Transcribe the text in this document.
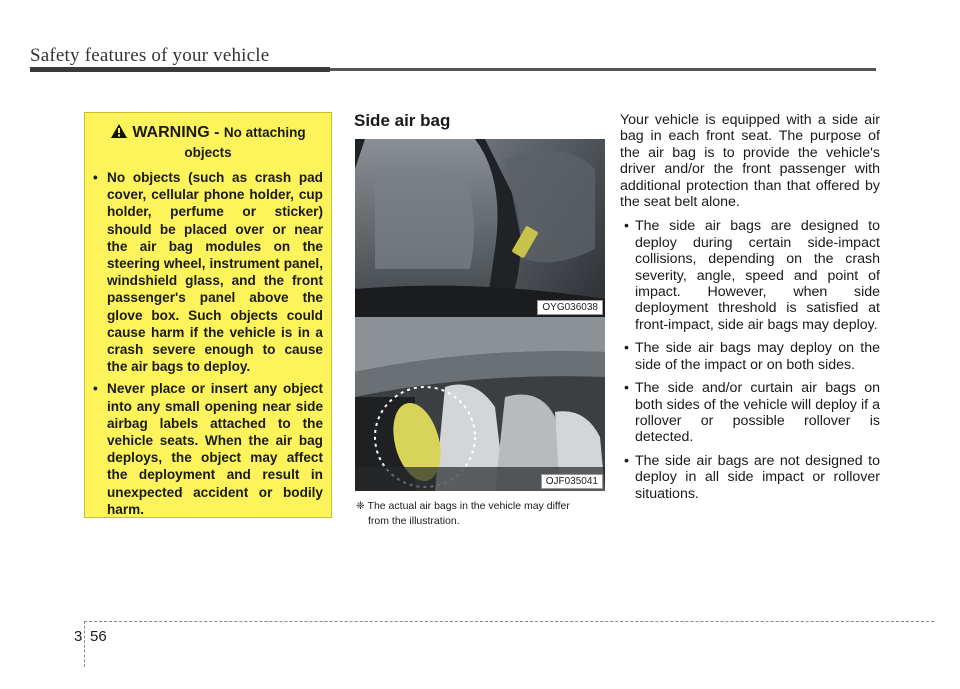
Safety features of your vehicle
WARNING - No attaching
objects
• No objects (such as crash pad cover, cellular phone holder, cup holder, perfume or sticker) should be placed over or near the air bag modules on the steering wheel, instrument panel, windshield glass, and the front passenger's panel above the glove box. Such objects could cause harm if the vehicle is in a crash severe enough to cause the air bags to deploy.
• Never place or insert any object into any small opening near side airbag labels attached to the vehicle seats. When the air bag deploys, the object may affect the deployment and result in unexpected accident or bodily harm.
Side air bag
OYG036038
OJF035041
❈ The actual air bags in the vehicle may differ
from the illustration.

Your vehicle is equipped with a side air bag in each front seat. The purpose of the air bag is to provide the vehicle's driver and/or the front passenger with additional protection than that offered by the seat belt alone.

• The side air bags are designed to deploy during certain side-impact collisions, depending on the crash severity, angle, speed and point of impact. However, when side deployment threshold is satisfied at front-impact, side air bags may deploy.
• The side air bags may deploy on the side of the impact or on both sides.
• The side and/or curtain air bags on both sides of the vehicle will deploy if a rollover or possible rollover is detected.
• The side air bags are not designed to deploy in all side impact or rollover situations.
3 56
